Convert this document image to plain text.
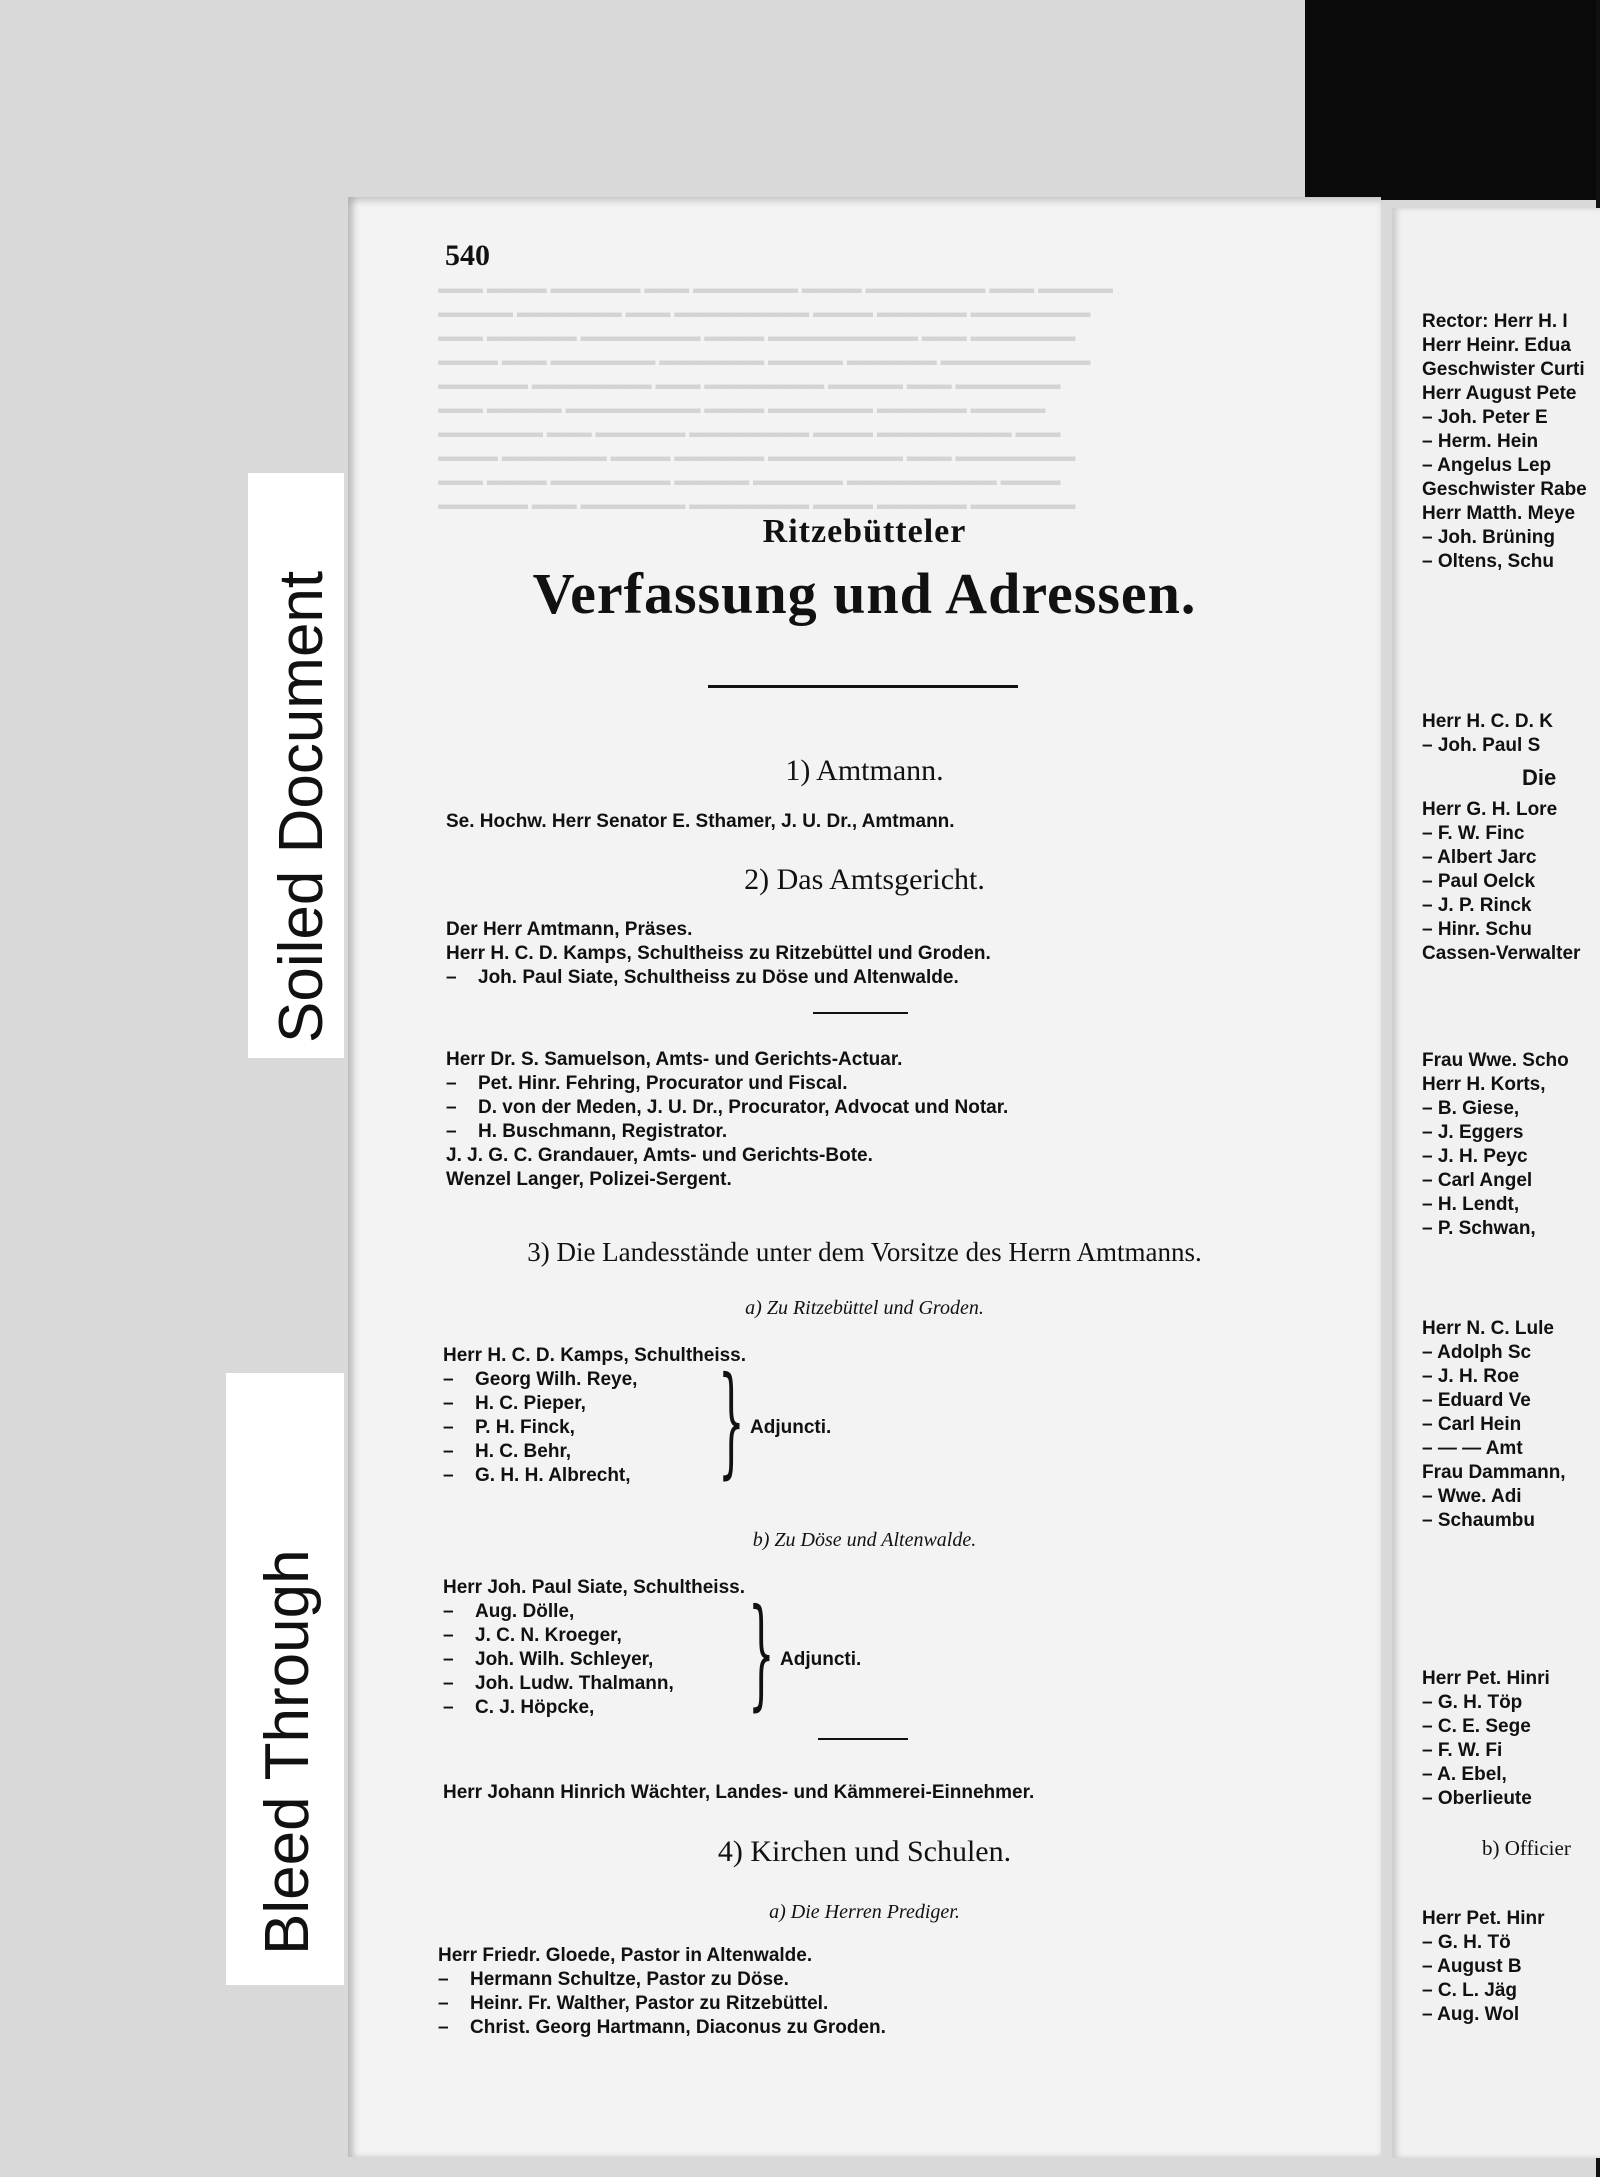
▬▬▬ ▬▬▬▬ ▬▬▬▬▬▬ ▬▬▬ ▬▬▬▬▬▬▬ ▬▬▬▬ ▬▬▬▬▬▬▬▬ ▬▬▬ ▬▬▬▬▬
▬▬▬▬▬ ▬▬▬▬▬▬▬ ▬▬▬ ▬▬▬▬▬▬▬▬▬ ▬▬▬▬ ▬▬▬▬▬▬ ▬▬▬▬▬▬▬▬
▬▬▬ ▬▬▬▬▬▬ ▬▬▬▬▬▬▬▬ ▬▬▬▬ ▬▬▬▬▬▬▬▬▬▬ ▬▬▬ ▬▬▬▬▬▬▬
▬▬▬▬ ▬▬▬ ▬▬▬▬▬▬▬ ▬▬▬▬▬▬▬ ▬▬▬▬▬ ▬▬▬▬▬▬ ▬▬▬▬▬▬▬▬▬▬
▬▬▬▬▬▬ ▬▬▬▬▬▬▬▬ ▬▬▬ ▬▬▬▬▬▬▬▬ ▬▬▬▬▬ ▬▬▬ ▬▬▬▬▬▬▬
▬▬▬ ▬▬▬▬▬ ▬▬▬▬▬▬▬▬▬ ▬▬▬▬ ▬▬▬▬▬▬▬ ▬▬▬▬▬▬ ▬▬▬▬▬
▬▬▬▬▬▬▬ ▬▬▬ ▬▬▬▬▬▬ ▬▬▬▬▬▬▬▬ ▬▬▬▬ ▬▬▬▬▬▬▬▬▬ ▬▬▬
▬▬▬▬ ▬▬▬▬▬▬▬ ▬▬▬▬ ▬▬▬▬▬▬ ▬▬▬▬▬▬▬▬▬ ▬▬▬ ▬▬▬▬▬▬▬▬
▬▬▬ ▬▬▬▬ ▬▬▬▬▬▬▬▬ ▬▬▬▬▬ ▬▬▬▬▬▬ ▬▬▬▬▬▬▬▬▬▬ ▬▬▬▬
▬▬▬▬▬▬ ▬▬▬ ▬▬▬▬▬▬▬ ▬▬▬▬▬▬▬▬ ▬▬▬▬ ▬▬▬▬▬▬ ▬▬▬▬▬▬▬
540
Ritzebütteler
Verfassung und Adressen.
1) Amtmann.
Se. Hochw. Herr Senator E. Sthamer, J. U. Dr., Amtmann.
2) Das Amtsgericht.
Der Herr Amtmann, Präses.
Herr H. C. D. Kamps, Schultheiss zu Ritzebüttel und Groden.
– Joh. Paul Siate, Schultheiss zu Döse und Altenwalde.
Herr Dr. S. Samuelson, Amts- und Gerichts-Actuar.
– Pet. Hinr. Fehring, Procurator und Fiscal.
– D. von der Meden, J. U. Dr., Procurator, Advocat und Notar.
– H. Buschmann, Registrator.
J. J. G. C. Grandauer, Amts- und Gerichts-Bote.
Wenzel Langer, Polizei-Sergent.
3) Die Landesstände unter dem Vorsitze des Herrn Amtmanns.
a) Zu Ritzebüttel und Groden.
Herr H. C. D. Kamps, Schultheiss.
– Georg Wilh. Reye,
– H. C. Pieper,
– P. H. Finck,
– H. C. Behr,
– G. H. H. Albrecht, } Adjuncti.
b) Zu Döse und Altenwalde.
Herr Joh. Paul Siate, Schultheiss.
– Aug. Dölle,
– J. C. N. Kroeger,
– Joh. Wilh. Schleyer,
– Joh. Ludw. Thalmann,
– C. J. Höpcke, } Adjuncti.
Herr Johann Hinrich Wächter, Landes- und Kämmerei-Einnehmer.
4) Kirchen und Schulen.
a) Die Herren Prediger.
Herr Friedr. Gloede, Pastor in Altenwalde.
– Hermann Schultze, Pastor zu Döse.
– Heinr. Fr. Walther, Pastor zu Ritzebüttel.
– Christ. Georg Hartmann, Diaconus zu Groden.
Rector: Herr H. I
Herr Heinr. Edua
Geschwister Curti
Herr August Pete
– Joh. Peter E
– Herm. Hein
– Angelus Lep
Geschwister Rabe
Herr Matth. Meye
– Joh. Brüning
– Oltens, Schu
Herr H. C. D. K
– Joh. Paul S
Die
Herr G. H. Lore
– F. W. Finc
– Albert Jarc
– Paul Oelck
– J. P. Rinck
– Hinr. Schu
Cassen-Verwalter
Frau Wwe. Scho
Herr H. Korts,
– B. Giese,
– J. Eggers
– J. H. Peyc
– Carl Angel
– H. Lendt,
– P. Schwan,
Herr N. C. Lule
– Adolph Sc
– J. H. Roe
– Eduard Ve
– Carl Hein
– — — Amt
Frau Dammann,
– Wwe. Adi
– Schaumbu
Herr Pet. Hinri
– G. H. Töp
– C. E. Sege
– F. W. Fi
– A. Ebel,
– Oberlieute
b) Officier
Herr Pet. Hinr
– G. H. Tö
– August B
– C. L. Jäg
– Aug. Wol
Soiled Document
Bleed Through
